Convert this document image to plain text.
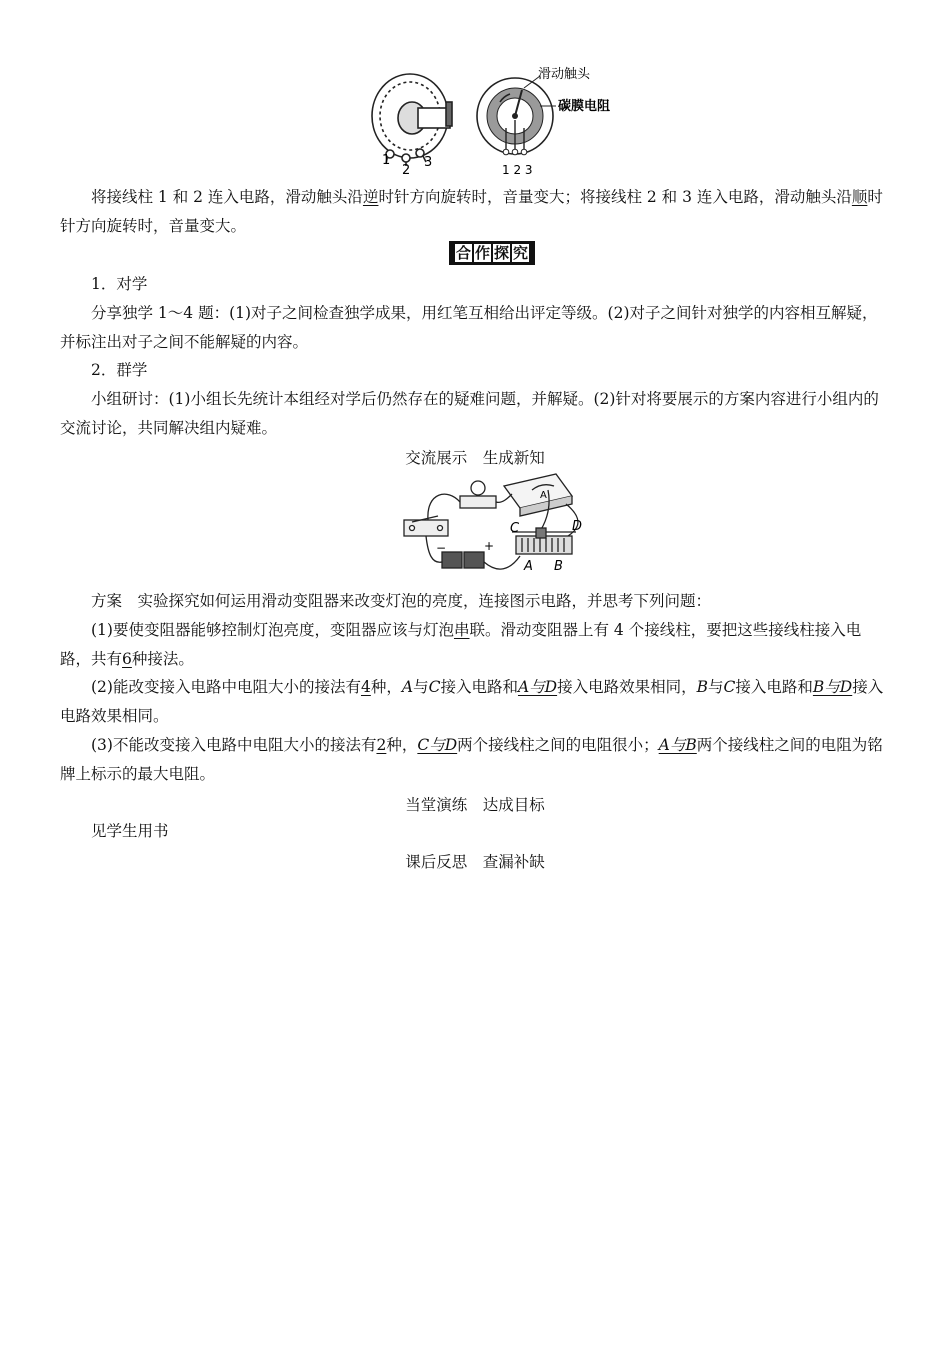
1
2
3
滑动触头
碳膜电阻
1 2 3

将接线柱 1 和 2 连入电路，滑动触头沿逆时针方向旋转时，音量变大；将接线柱 2 和 3 连入电路，滑动触头沿顺时针方向旋转时，音量变大。

合 作 探 究

1．对学

分享独学 1～4 题：(1)对子之间检查独学成果，用红笔互相给出评定等级。(2)对子之间针对独学的内容相互解疑，并标注出对子之间不能解疑的内容。

2．群学

小组研讨：(1)小组长先统计本组经对学后仍然存在的疑难问题，并解疑。(2)针对将要展示的方案内容进行小组内的交流讨论，共同解决组内疑难。

交流展示　生成新知

A
−	+
C	D
A B

方案　实验探究如何运用滑动变阻器来改变灯泡的亮度，连接图示电路，并思考下列问题：

(1)要使变阻器能够控制灯泡亮度，变阻器应该与灯泡串联。滑动变阻器上有 4 个接线柱，要把这些接线柱接入电路，共有6种接法。

(2)能改变接入电路中电阻大小的接法有4种，A与C接入电路和A与D接入电路效果相同，B与C接入电路和B与D接入电路效果相同。

(3)不能改变接入电路中电阻大小的接法有2种，C与D两个接线柱之间的电阻很小；A与B两个接线柱之间的电阻为铭牌上标示的最大电阻。

当堂演练　达成目标

见学生用书

课后反思　查漏补缺
